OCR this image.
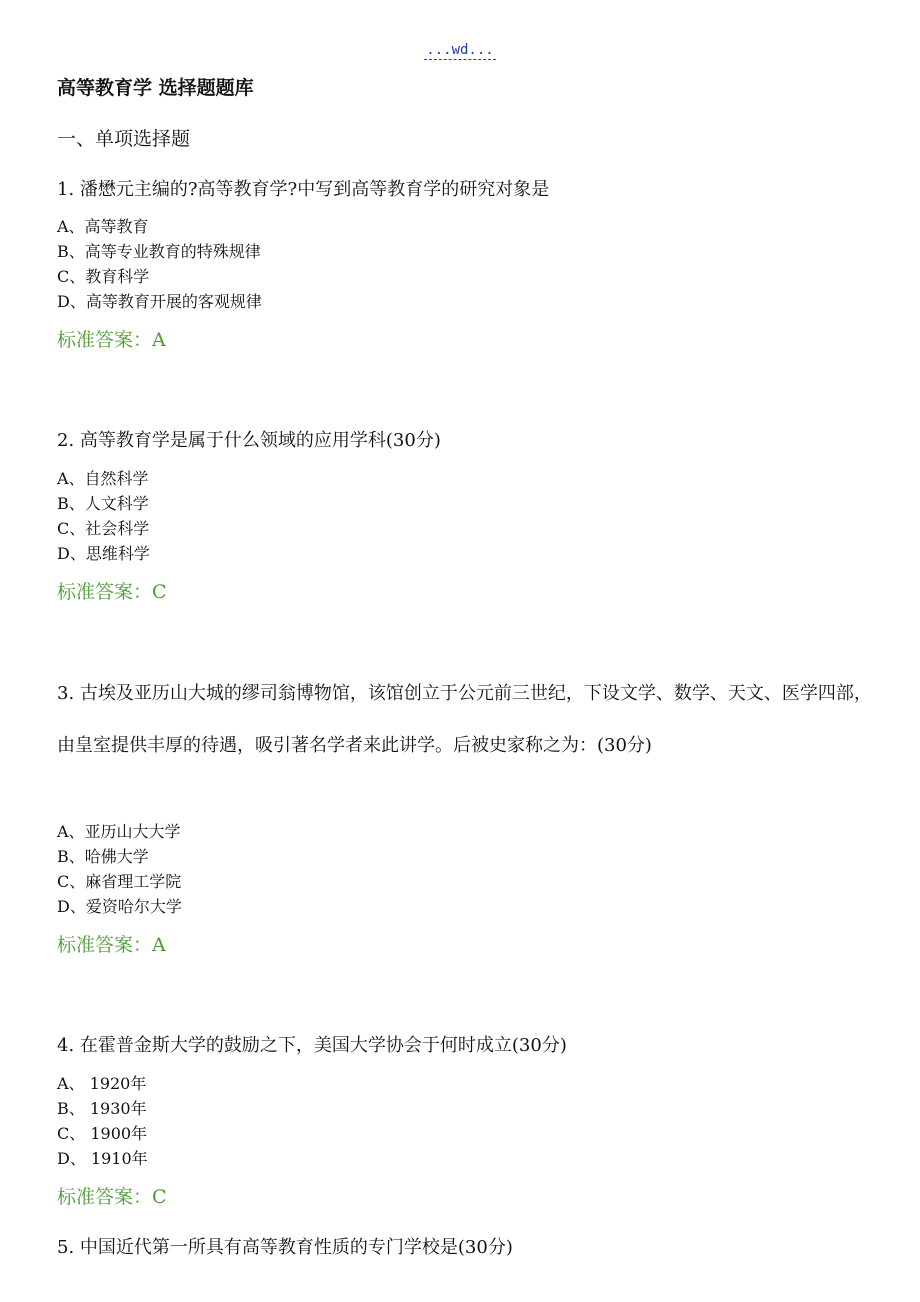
...wd...
高等教育学 选择题题库
一、单项选择题
1. 潘懋元主编的?高等教育学?中写到高等教育学的研究对象是
A、高等教育
B、高等专业教育的特殊规律
C、教育科学
D、高等教育开展的客观规律
标准答案：A
2. 高等教育学是属于什么领域的应用学科(30分)
A、自然科学
B、人文科学
C、社会科学
D、思维科学
标准答案：C
3. 古埃及亚历山大城的缪司翁博物馆，该馆创立于公元前三世纪，下设文学、数学、天文、医学四部，由皇室提供丰厚的待遇，吸引著名学者来此讲学。后被史家称之为：(30分)
A、亚历山大大学
B、哈佛大学
C、麻省理工学院
D、爱资哈尔大学
标准答案：A
4. 在霍普金斯大学的鼓励之下，美国大学协会于何时成立(30分)
A、 1920年
B、 1930年
C、 1900年
D、 1910年
标准答案：C
5. 中国近代第一所具有高等教育性质的专门学校是(30分)
